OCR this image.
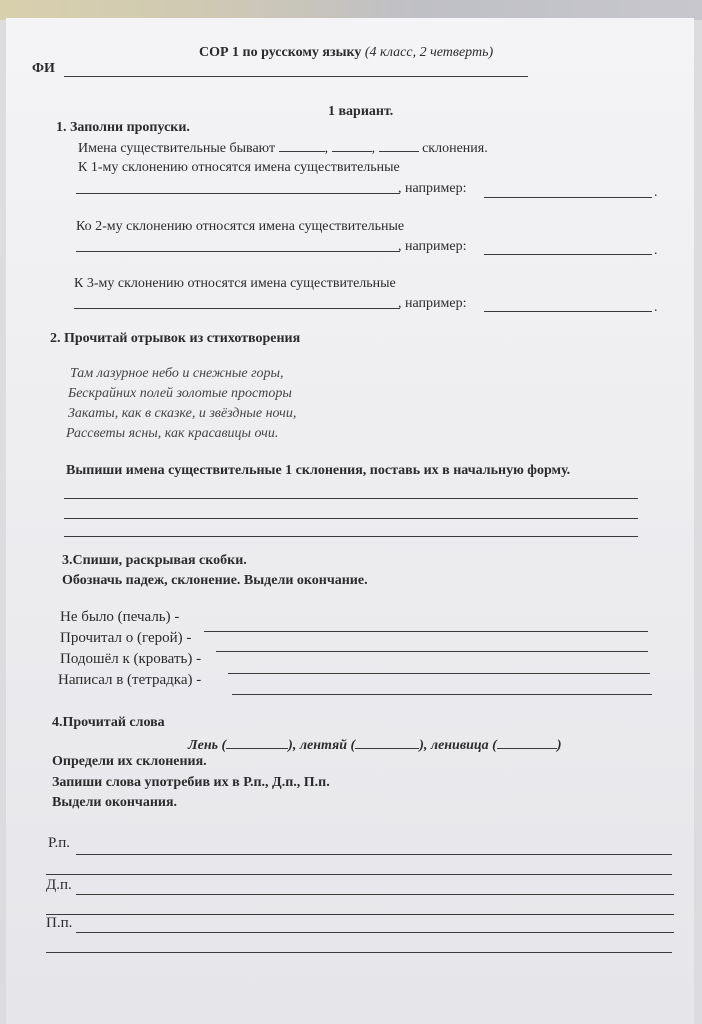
СОР 1 по русскому языку (4 класс, 2 четверть)
ФИ
1 вариант.
1. Заполни пропуски.
Имена существительные бывают	,	,	склонения.
К 1-му склонению относятся имена существительные
, например:	.
Ко 2-му склонению относятся имена существительные
, например:	.
К 3-му склонению относятся имена существительные
, например:	.
2. Прочитай отрывок из стихотворения
Там лазурное небо и снежные горы,
Бескрайних полей золотые просторы
Закаты, как в сказке, и звёздные ночи,
Рассветы ясны, как красавицы очи.
Выпиши имена существительные 1 склонения, поставь их в начальную форму.
3.Спиши, раскрывая скобки.
Обозначь падеж, склонение. Выдели окончание.
Не было (печаль) -
Прочитал о (герой) -
Подошёл к (кровать) -
Написал в (тетрадка) -
4.Прочитай слова
Лень (	), лентяй (	), ленивица (	)
Определи их склонения.
Запиши слова употребив их в Р.п., Д.п., П.п.
Выдели окончания.
Р.п.
Д.п.
П.п.
